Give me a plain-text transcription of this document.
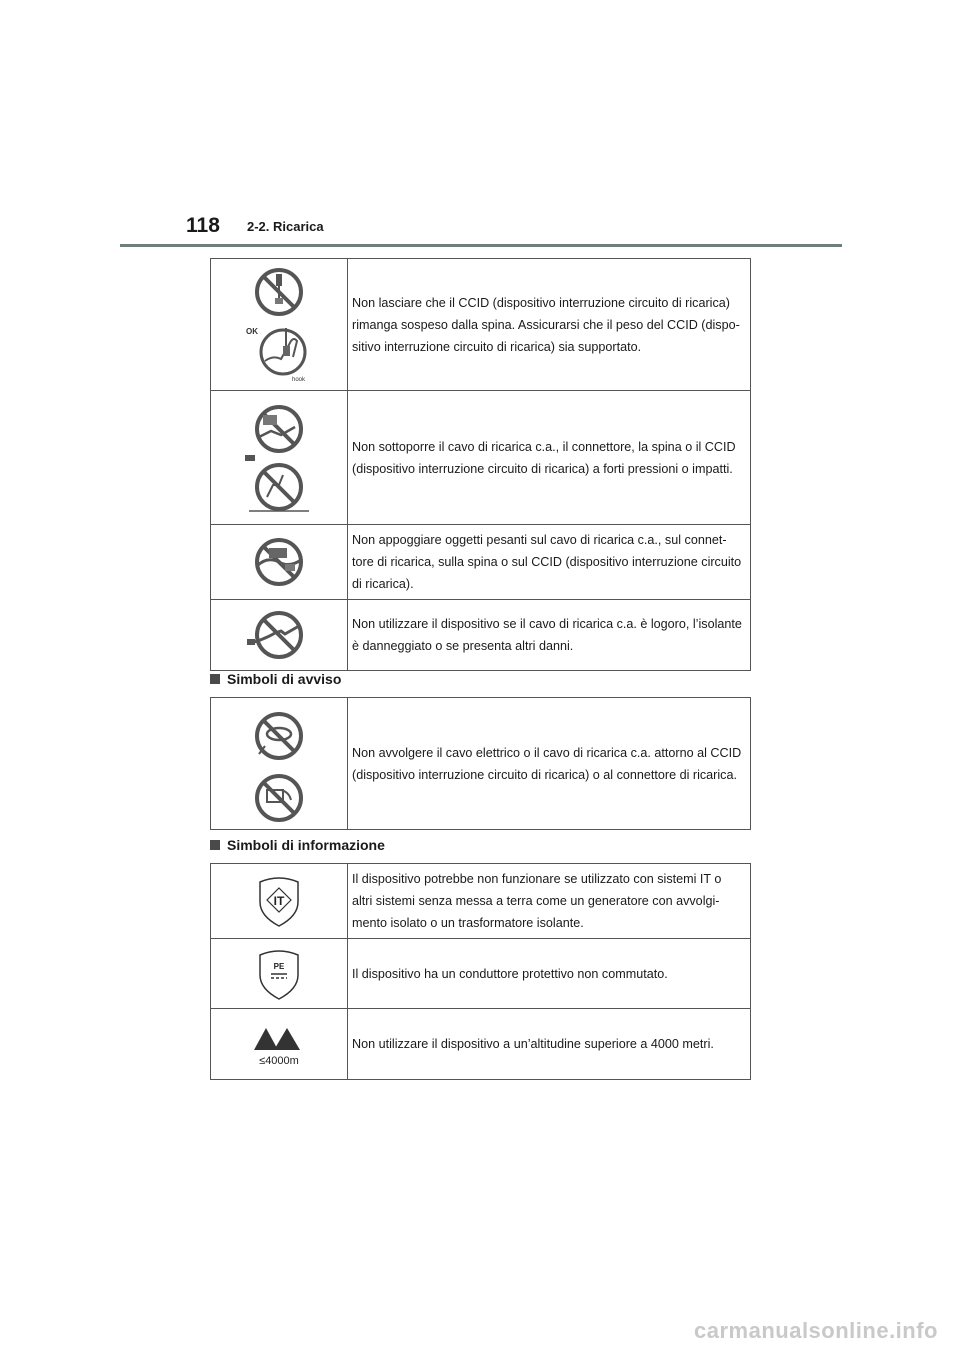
118 2-2. Ricarica
OK
hook	Non lasciare che il CCID (dispositivo interruzione circuito di ricarica) rimanga sospeso dalla spina. Assicurarsi che il peso del CCID (dispo-sitivo interruzione circuito di ricarica) sia supportato.

	Non sottoporre il cavo di ricarica c.a., il connettore, la spina o il CCID (dispositivo interruzione circuito di ricarica) a forti pressioni o impatti.

	Non appoggiare oggetti pesanti sul cavo di ricarica c.a., sul connet-tore di ricarica, sulla spina o sul CCID (dispositivo interruzione circuito di ricarica).

	Non utilizzare il dispositivo se il cavo di ricarica c.a. è logoro, l’isolante è danneggiato o se presenta altri danni.
Simboli di avviso
	Non avvolgere il cavo elettrico o il cavo di ricarica c.a. attorno al CCID (dispositivo interruzione circuito di ricarica) o al connettore di ricarica.
Simboli di informazione
IT	Il dispositivo potrebbe non funzionare se utilizzato con sistemi IT o altri sistemi senza messa a terra come un generatore con avvolgi-mento isolato o un trasformatore isolante.

PE	Il dispositivo ha un conduttore protettivo non commutato.

≤4000m	Non utilizzare il dispositivo a un’altitudine superiore a 4000 metri.
carmanualsonline.info
